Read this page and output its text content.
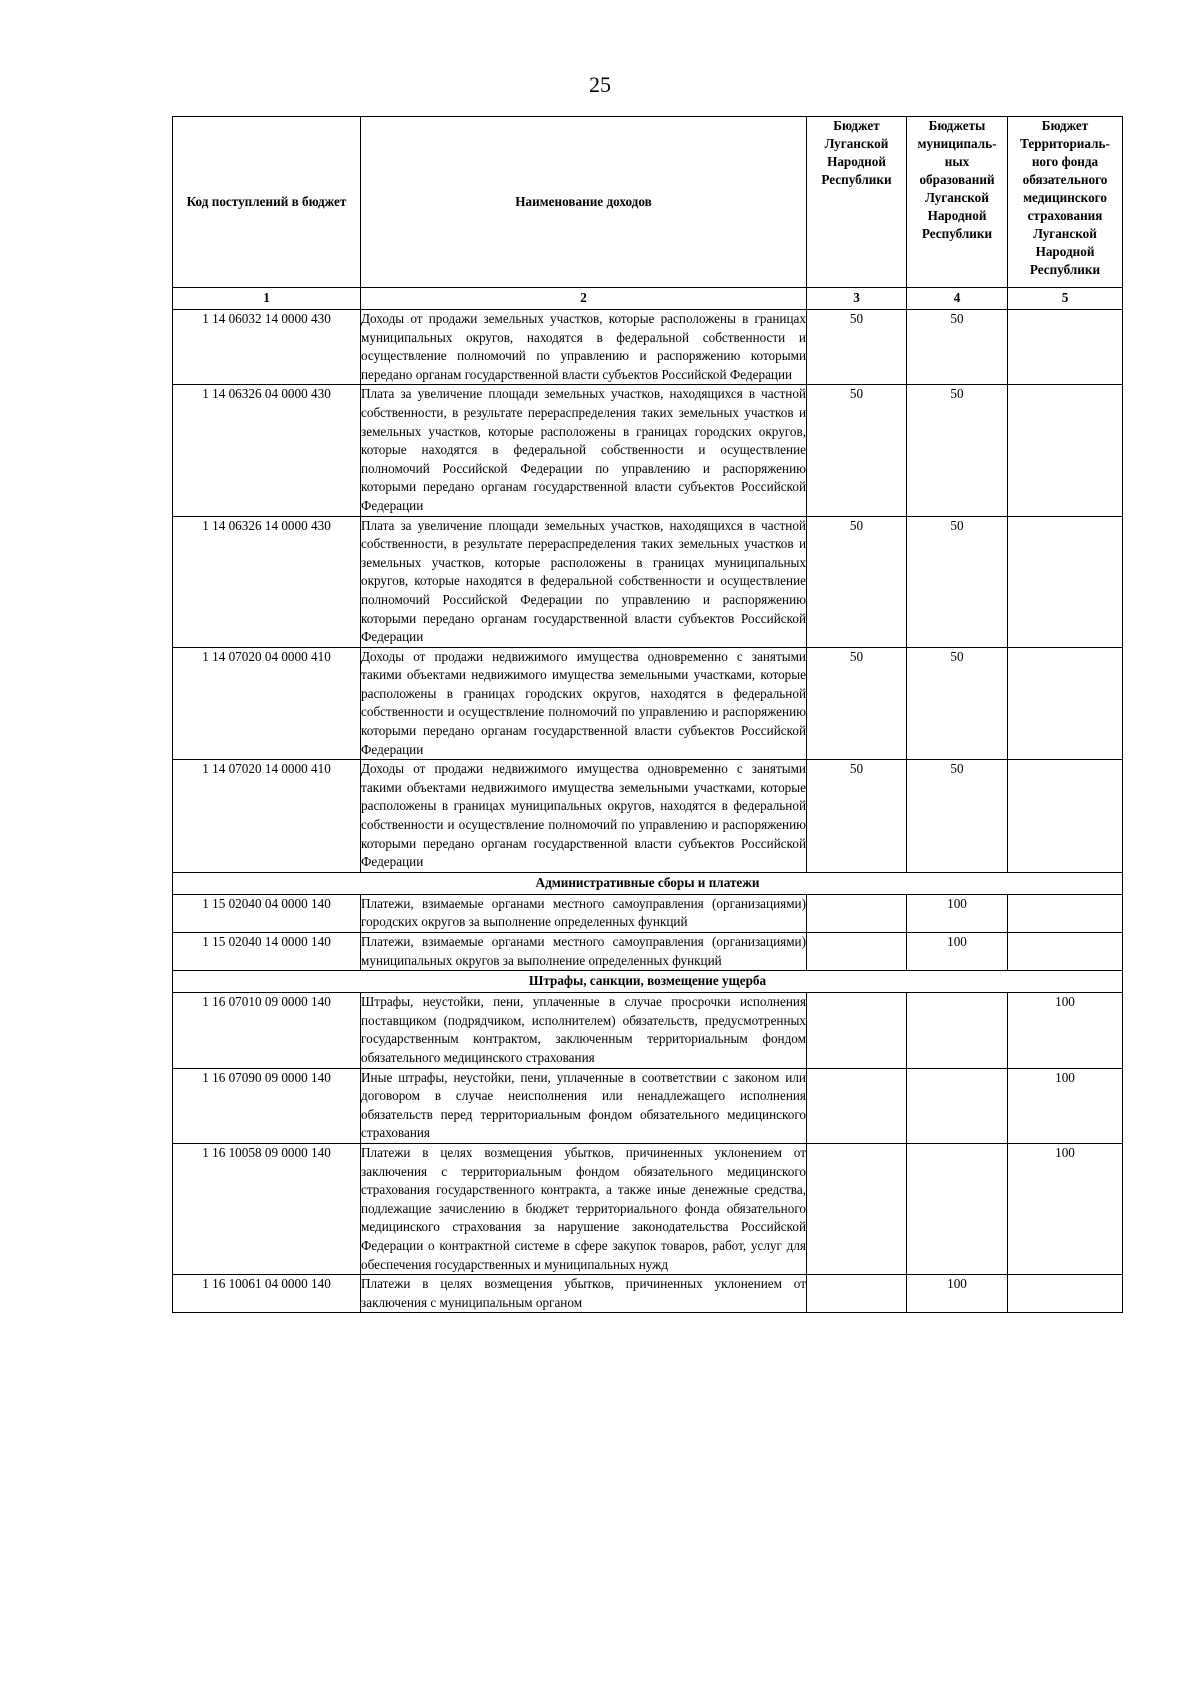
25
Код поступлений в бюджет	Наименование доходов	Бюджет Луганской Народной Республики	Бюджеты муниципаль-ных образований Луганской Народной Республики	Бюджет Территориаль-ного фонда обязательного медицинского страхования Луганской Народной Республики
1	2	3	4	5
1 14 06032 14 0000 430	Доходы от продажи земельных участков, которые расположены в границах муниципальных округов, находятся в федеральной собственности и осуществление полномочий по управлению и распоряжению которыми передано органам государственной власти субъектов Российской Федерации	50	50	
1 14 06326 04 0000 430	Плата за увеличение площади земельных участков, находящихся в частной собственности, в результате перераспределения таких земельных участков и земельных участков, которые расположены в границах городских округов, которые находятся в федеральной собственности и осуществление полномочий Российской Федерации по управлению и распоряжению которыми передано органам государственной власти субъектов Российской Федерации	50	50	
1 14 06326 14 0000 430	Плата за увеличение площади земельных участков, находящихся в частной собственности, в результате перераспределения таких земельных участков и земельных участков, которые расположены в границах муниципальных округов, которые находятся в федеральной собственности и осуществление полномочий Российской Федерации по управлению и распоряжению которыми передано органам государственной власти субъектов Российской Федерации	50	50	
1 14 07020 04 0000 410	Доходы от продажи недвижимого имущества одновременно с занятыми такими объектами недвижимого имущества земельными участками, которые расположены в границах городских округов, находятся в федеральной собственности и осуществление полномочий по управлению и распоряжению которыми передано органам государственной власти субъектов Российской Федерации	50	50	
1 14 07020 14 0000 410	Доходы от продажи недвижимого имущества одновременно с занятыми такими объектами недвижимого имущества земельными участками, которые расположены в границах муниципальных округов, находятся в федеральной собственности и осуществление полномочий по управлению и распоряжению которыми передано органам государственной власти субъектов Российской Федерации	50	50	
Административные сборы и платежи				
1 15 02040 04 0000 140	Платежи, взимаемые органами местного самоуправления (организациями) городских округов за выполнение определенных функций		100	
1 15 02040 14 0000 140	Платежи, взимаемые органами местного самоуправления (организациями) муниципальных округов за выполнение определенных функций		100	
Штрафы, санкции, возмещение ущерба				
1 16 07010 09 0000 140	Штрафы, неустойки, пени, уплаченные в случае просрочки исполнения поставщиком (подрядчиком, исполнителем) обязательств, предусмотренных государственным контрактом, заключенным территориальным фондом обязательного медицинского страхования			100
1 16 07090 09 0000 140	Иные штрафы, неустойки, пени, уплаченные в соответствии с законом или договором в случае неисполнения или ненадлежащего исполнения обязательств перед территориальным фондом обязательного медицинского страхования			100
1 16 10058 09 0000 140	Платежи в целях возмещения убытков, причиненных уклонением от заключения с территориальным фондом обязательного медицинского страхования государственного контракта, а также иные денежные средства, подлежащие зачислению в бюджет территориального фонда обязательного медицинского страхования за нарушение законодательства Российской Федерации о контрактной системе в сфере закупок товаров, работ, услуг для обеспечения государственных и муниципальных нужд			100
1 16 10061 04 0000 140	Платежи в целях возмещения убытков, причиненных уклонением от заключения с муниципальным органом		100	
